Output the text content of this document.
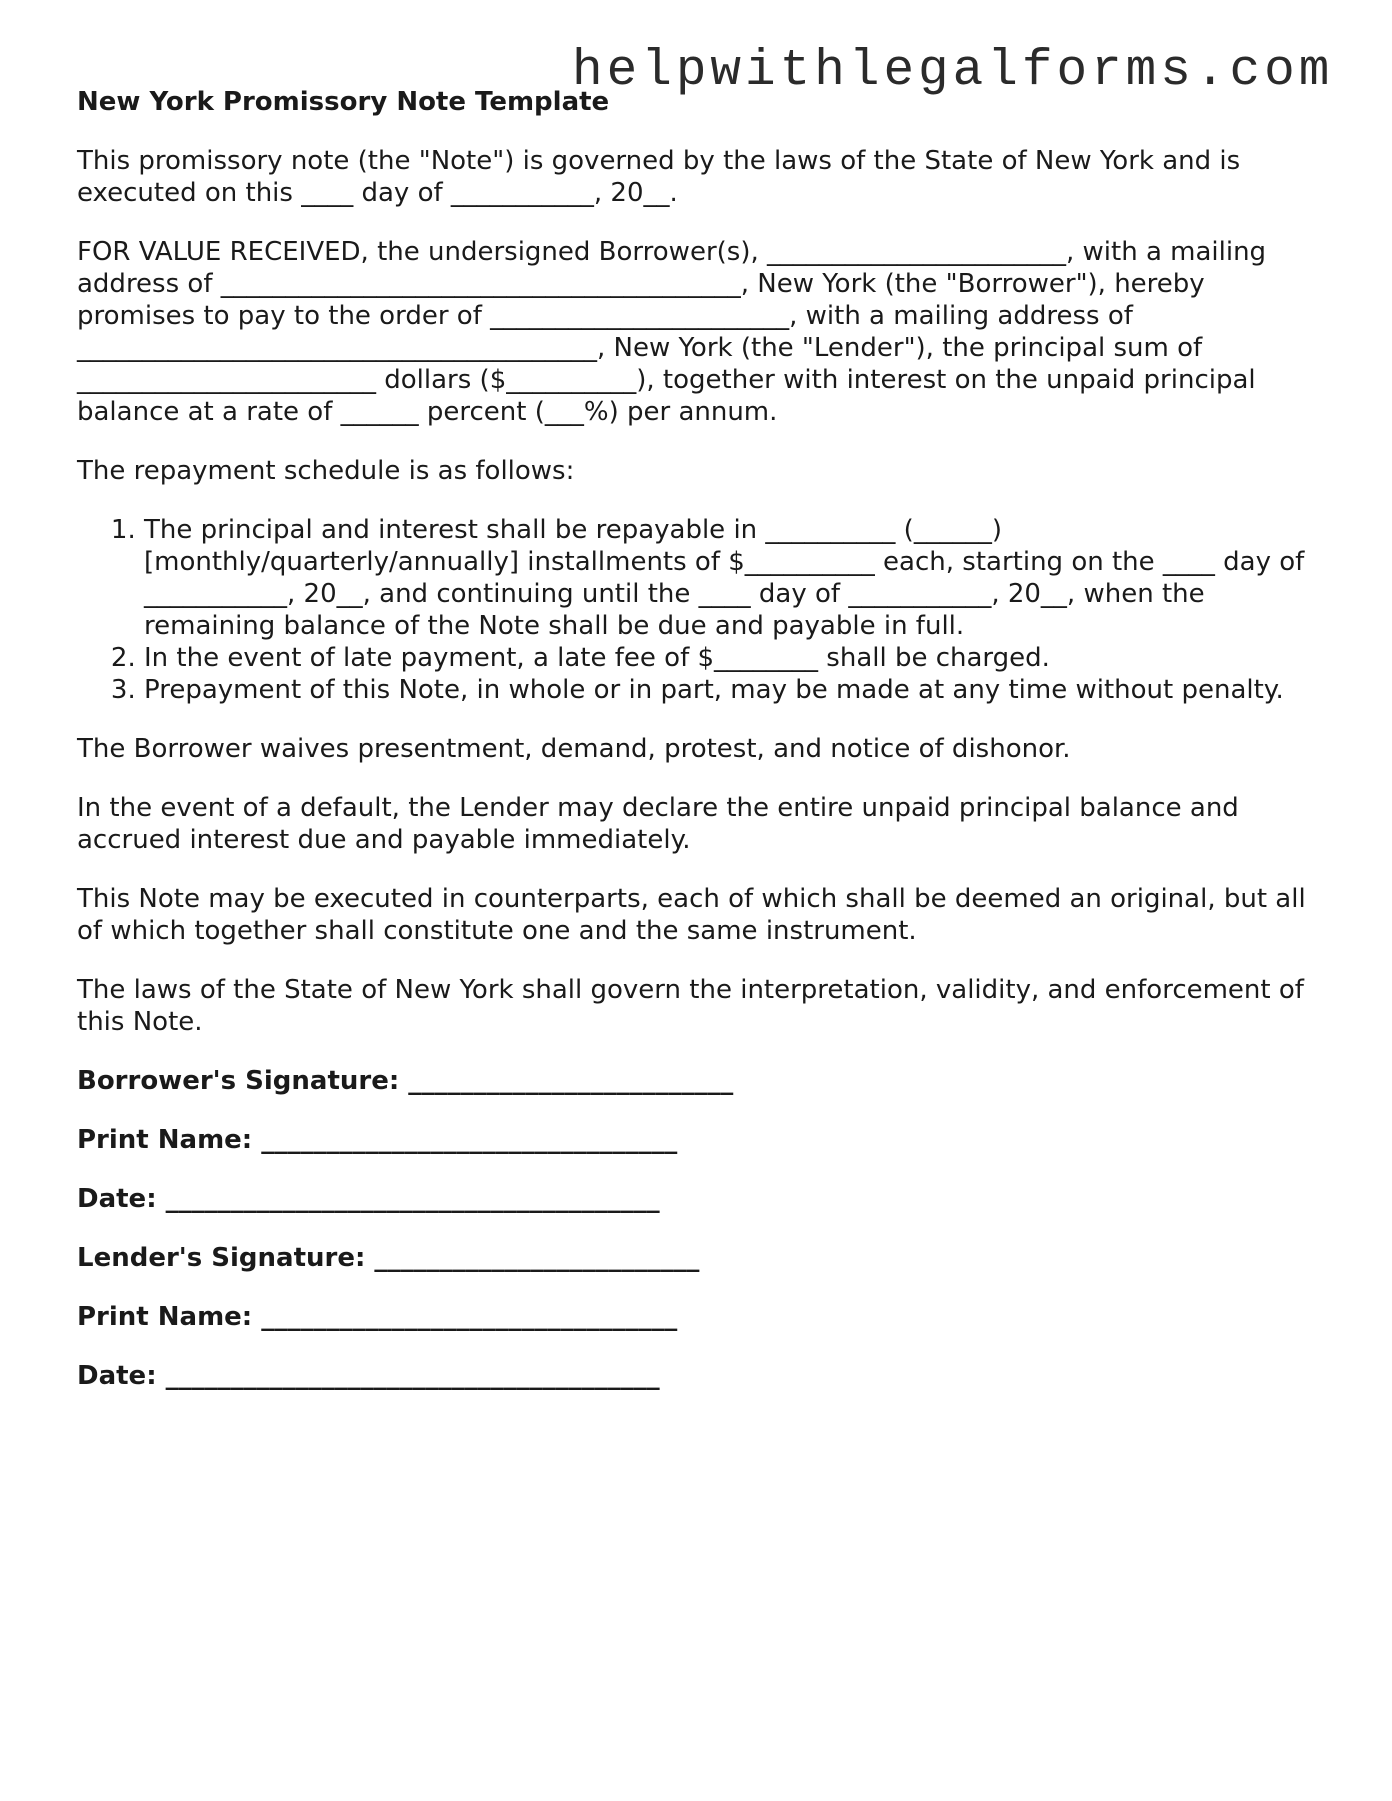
helpwithlegalforms.com
New York Promissory Note Template

This promissory note (the "Note") is governed by the laws of the State of New York and is executed on this ____ day of ___________, 20__.

FOR VALUE RECEIVED, the undersigned Borrower(s), _______________________, with a mailing address of ________________________________________, New York (the "Borrower"), hereby promises to pay to the order of _______________________, with a mailing address of ________________________________________, New York (the "Lender"), the principal sum of _______________________ dollars ($__________), together with interest on the unpaid principal balance at a rate of ______ percent (___%) per annum.

The repayment schedule is as follows:

1. The principal and interest shall be repayable in __________ (______) [monthly/quarterly/annually] installments of $__________ each, starting on the ____ day of ___________, 20__, and continuing until the ____ day of ___________, 20__, when the remaining balance of the Note shall be due and payable in full.
2. In the event of late payment, a late fee of $________ shall be charged.
3. Prepayment of this Note, in whole or in part, may be made at any time without penalty.

The Borrower waives presentment, demand, protest, and notice of dishonor.

In the event of a default, the Lender may declare the entire unpaid principal balance and accrued interest due and payable immediately.

This Note may be executed in counterparts, each of which shall be deemed an original, but all of which together shall constitute one and the same instrument.

The laws of the State of New York shall govern the interpretation, validity, and enforcement of this Note.

Borrower's Signature: _________________________
Print Name: ________________________________
Date: ______________________________________
Lender's Signature: _________________________
Print Name: ________________________________
Date: ______________________________________
